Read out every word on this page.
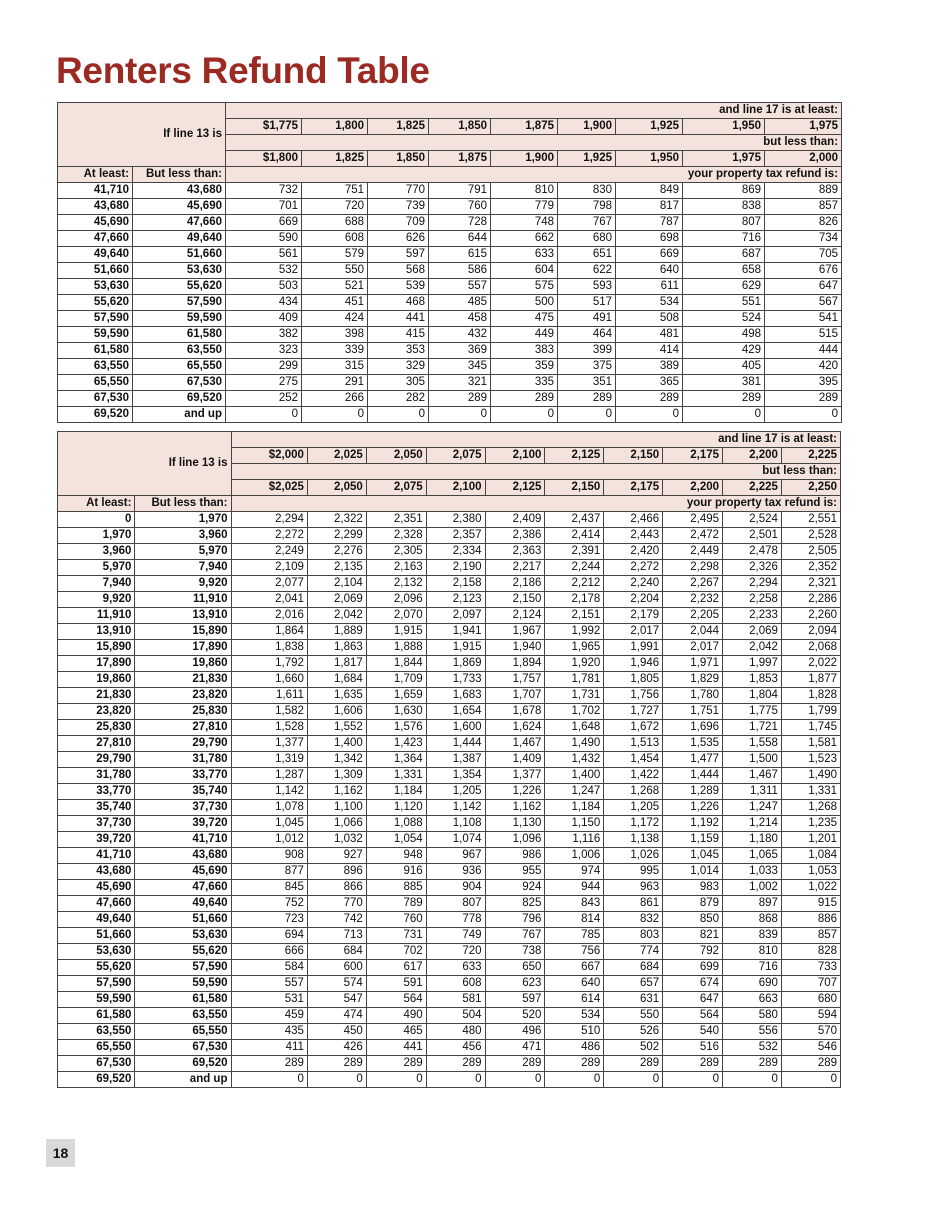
Renters Refund Table
If line 13 is		and line 17 is at least:								
		$1,775	1,800	1,825	1,850	1,875	1,900	1,925	1,950	1,975
		but less than:								
		$1,800	1,825	1,850	1,875	1,900	1,925	1,950	1,975	2,000
At least:	But less than:	your property tax refund is:								
41,710	43,680	732	751	770	791	810	830	849	869	889
43,680	45,690	701	720	739	760	779	798	817	838	857
45,690	47,660	669	688	709	728	748	767	787	807	826
47,660	49,640	590	608	626	644	662	680	698	716	734
49,640	51,660	561	579	597	615	633	651	669	687	705
51,660	53,630	532	550	568	586	604	622	640	658	676
53,630	55,620	503	521	539	557	575	593	611	629	647
55,620	57,590	434	451	468	485	500	517	534	551	567
57,590	59,590	409	424	441	458	475	491	508	524	541
59,590	61,580	382	398	415	432	449	464	481	498	515
61,580	63,550	323	339	353	369	383	399	414	429	444
63,550	65,550	299	315	329	345	359	375	389	405	420
65,550	67,530	275	291	305	321	335	351	365	381	395
67,530	69,520	252	266	282	289	289	289	289	289	289
69,520	and up	0	0	0	0	0	0	0	0	0
If line 13 is		and line 17 is at least:									
		$2,000	2,025	2,050	2,075	2,100	2,125	2,150	2,175	2,200	2,225
		but less than:									
		$2,025	2,050	2,075	2,100	2,125	2,150	2,175	2,200	2,225	2,250
At least:	But less than:	your property tax refund is:									
0	1,970	2,294	2,322	2,351	2,380	2,409	2,437	2,466	2,495	2,524	2,551
1,970	3,960	2,272	2,299	2,328	2,357	2,386	2,414	2,443	2,472	2,501	2,528
3,960	5,970	2,249	2,276	2,305	2,334	2,363	2,391	2,420	2,449	2,478	2,505
5,970	7,940	2,109	2,135	2,163	2,190	2,217	2,244	2,272	2,298	2,326	2,352
7,940	9,920	2,077	2,104	2,132	2,158	2,186	2,212	2,240	2,267	2,294	2,321
9,920	11,910	2,041	2,069	2,096	2,123	2,150	2,178	2,204	2,232	2,258	2,286
11,910	13,910	2,016	2,042	2,070	2,097	2,124	2,151	2,179	2,205	2,233	2,260
13,910	15,890	1,864	1,889	1,915	1,941	1,967	1,992	2,017	2,044	2,069	2,094
15,890	17,890	1,838	1,863	1,888	1,915	1,940	1,965	1,991	2,017	2,042	2,068
17,890	19,860	1,792	1,817	1,844	1,869	1,894	1,920	1,946	1,971	1,997	2,022
19,860	21,830	1,660	1,684	1,709	1,733	1,757	1,781	1,805	1,829	1,853	1,877
21,830	23,820	1,611	1,635	1,659	1,683	1,707	1,731	1,756	1,780	1,804	1,828
23,820	25,830	1,582	1,606	1,630	1,654	1,678	1,702	1,727	1,751	1,775	1,799
25,830	27,810	1,528	1,552	1,576	1,600	1,624	1,648	1,672	1,696	1,721	1,745
27,810	29,790	1,377	1,400	1,423	1,444	1,467	1,490	1,513	1,535	1,558	1,581
29,790	31,780	1,319	1,342	1,364	1,387	1,409	1,432	1,454	1,477	1,500	1,523
31,780	33,770	1,287	1,309	1,331	1,354	1,377	1,400	1,422	1,444	1,467	1,490
33,770	35,740	1,142	1,162	1,184	1,205	1,226	1,247	1,268	1,289	1,311	1,331
35,740	37,730	1,078	1,100	1,120	1,142	1,162	1,184	1,205	1,226	1,247	1,268
37,730	39,720	1,045	1,066	1,088	1,108	1,130	1,150	1,172	1,192	1,214	1,235
39,720	41,710	1,012	1,032	1,054	1,074	1,096	1,116	1,138	1,159	1,180	1,201
41,710	43,680	908	927	948	967	986	1,006	1,026	1,045	1,065	1,084
43,680	45,690	877	896	916	936	955	974	995	1,014	1,033	1,053
45,690	47,660	845	866	885	904	924	944	963	983	1,002	1,022
47,660	49,640	752	770	789	807	825	843	861	879	897	915
49,640	51,660	723	742	760	778	796	814	832	850	868	886
51,660	53,630	694	713	731	749	767	785	803	821	839	857
53,630	55,620	666	684	702	720	738	756	774	792	810	828
55,620	57,590	584	600	617	633	650	667	684	699	716	733
57,590	59,590	557	574	591	608	623	640	657	674	690	707
59,590	61,580	531	547	564	581	597	614	631	647	663	680
61,580	63,550	459	474	490	504	520	534	550	564	580	594
63,550	65,550	435	450	465	480	496	510	526	540	556	570
65,550	67,530	411	426	441	456	471	486	502	516	532	546
67,530	69,520	289	289	289	289	289	289	289	289	289	289
69,520	and up	0	0	0	0	0	0	0	0	0	0
18
